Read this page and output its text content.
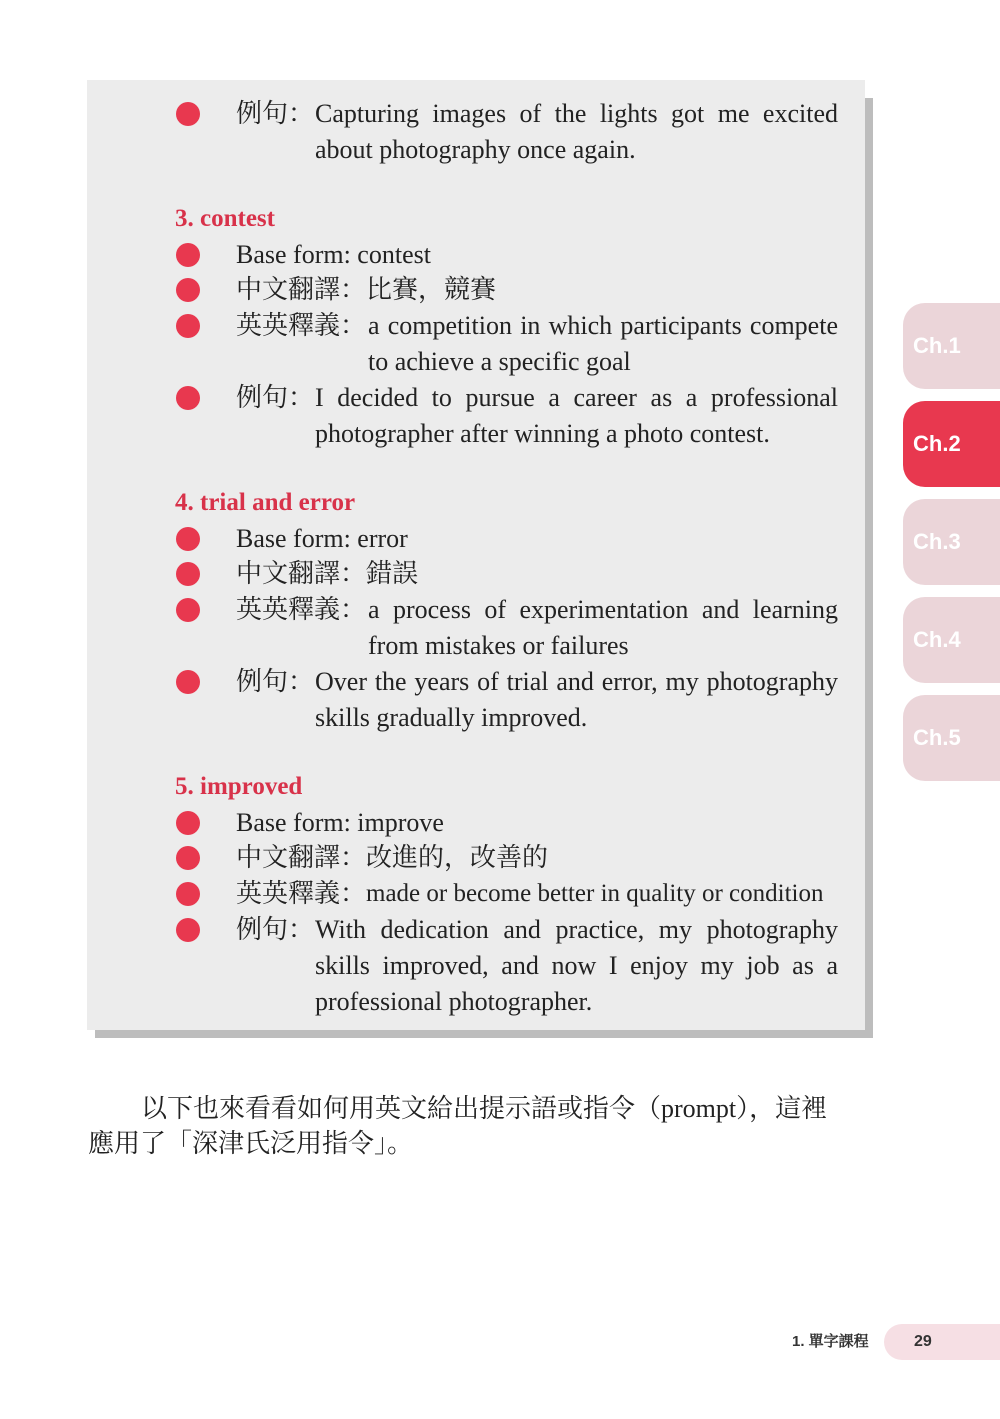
例句： Capturing images of the lights got me excited
about photography once again.
3. contest
Base form: contest
中文翻譯：比賽，競賽
英英釋義： a competition in which participants compete
to achieve a specific goal
例句： I decided to pursue a career as a professional
photographer after winning a photo contest.
4. trial and error
Base form: error
中文翻譯：錯誤
英英釋義： a process of experimentation and learning
from mistakes or failures
例句： Over the years of trial and error, my photography
skills gradually improved.
5. improved
Base form: improve
中文翻譯：改進的，改善的
英英釋義： made or become better in quality or condition
例句： With dedication and practice, my photography
skills improved, and now I enjoy my job as a
professional photographer.
以下也來看看如何用英文給出提示語或指令（prompt），這裡
應用了「深津氏泛用指令」。
Ch.1
Ch.2
Ch.3
Ch.4
Ch.5
1. 單字課程	29
